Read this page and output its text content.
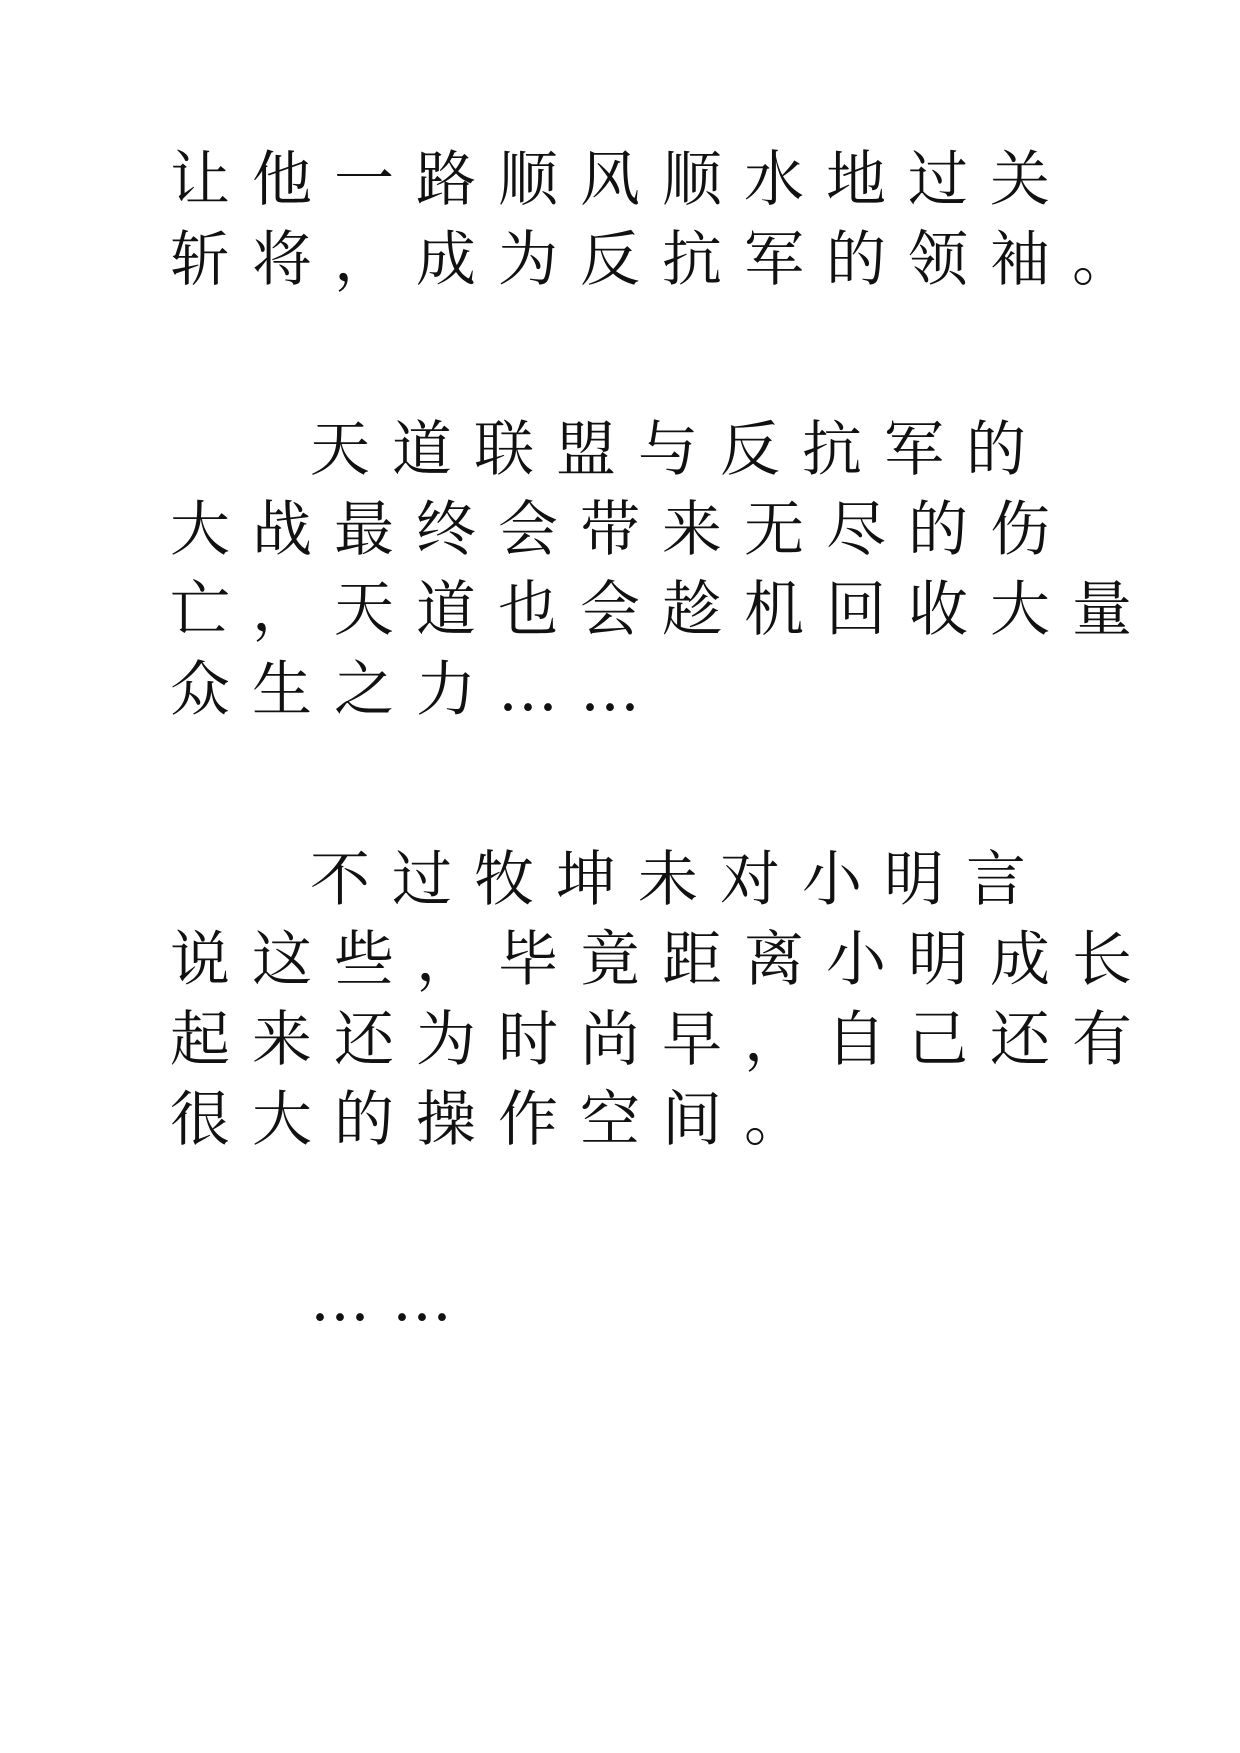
让他一路顺风顺水地过关
斩将，成为反抗军的领袖。
天道联盟与反抗军的
大战最终会带来无尽的伤
亡，天道也会趁机回收大量
众生之力……
不过牧坤未对小明言
说这些，毕竟距离小明成长
起来还为时尚早，自己还有
很大的操作空间。
……
